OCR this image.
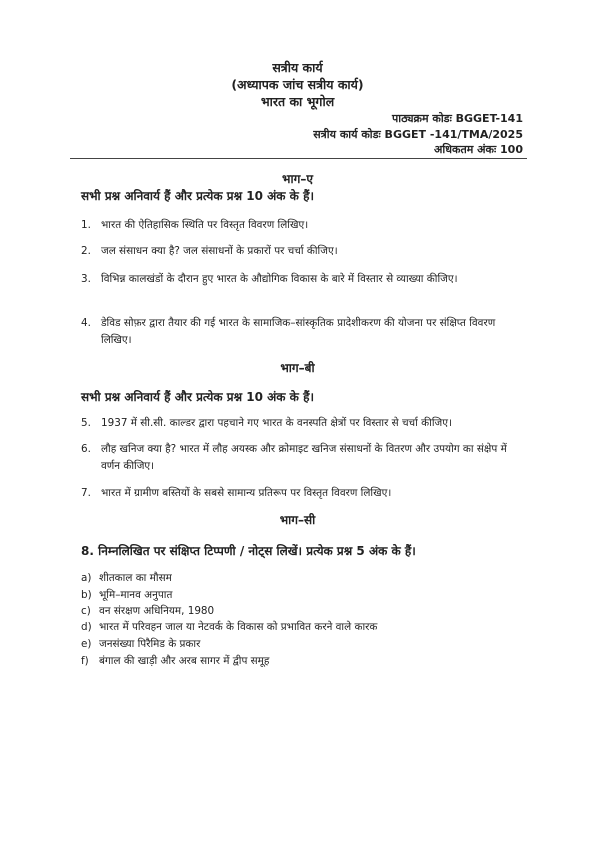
सत्रीय कार्य
(अध्यापक जांच सत्रीय कार्य)
भारत का भूगोल
पाठ्यक्रम कोडः BGGET-141
सत्रीय कार्य कोडः BGGET -141/TMA/2025
अधिकतम अंकः 100
भाग–ए
सभी प्रश्न अनिवार्य हैं और प्रत्येक प्रश्न 10 अंक के हैं।
1. भारत की ऐतिहासिक स्थिति पर विस्तृत विवरण लिखिए।
2. जल संसाधन क्या है? जल संसाधनों के प्रकारों पर चर्चा कीजिए।
3. विभिन्न कालखंडों के दौरान हुए भारत के औद्योगिक विकास के बारे में विस्तार से व्याख्या कीजिए।
4. डेविड सोफ़र द्वारा तैयार की गई भारत के सामाजिक–सांस्कृतिक प्रादेशीकरण की योजना पर संक्षिप्त विवरण लिखिए।
भाग–बी
सभी प्रश्न अनिवार्य हैं और प्रत्येक प्रश्न 10 अंक के हैं।
5. 1937 में सी.सी. काल्डर द्वारा पहचाने गए भारत के वनस्पति क्षेत्रों पर विस्तार से चर्चा कीजिए।
6. लौह खनिज क्या है? भारत में लौह अयस्क और क्रोमाइट खनिज संसाधनों के वितरण और उपयोग का संक्षेप में वर्णन कीजिए।
7. भारत में ग्रामीण बस्तियों के सबसे सामान्य प्रतिरूप पर विस्तृत विवरण लिखिए।
भाग–सी
8. निम्नलिखित पर संक्षिप्त टिप्पणी / नोट्स लिखें। प्रत्येक प्रश्न 5 अंक के हैं।
a) शीतकाल का मौसम
b) भूमि–मानव अनुपात
c) वन संरक्षण अधिनियम, 1980
d) भारत में परिवहन जाल या नेटवर्क के विकास को प्रभावित करने वाले कारक
e) जनसंख्या पिरैमिड के प्रकार
f) बंगाल की खाड़ी और अरब सागर में द्वीप समूह
